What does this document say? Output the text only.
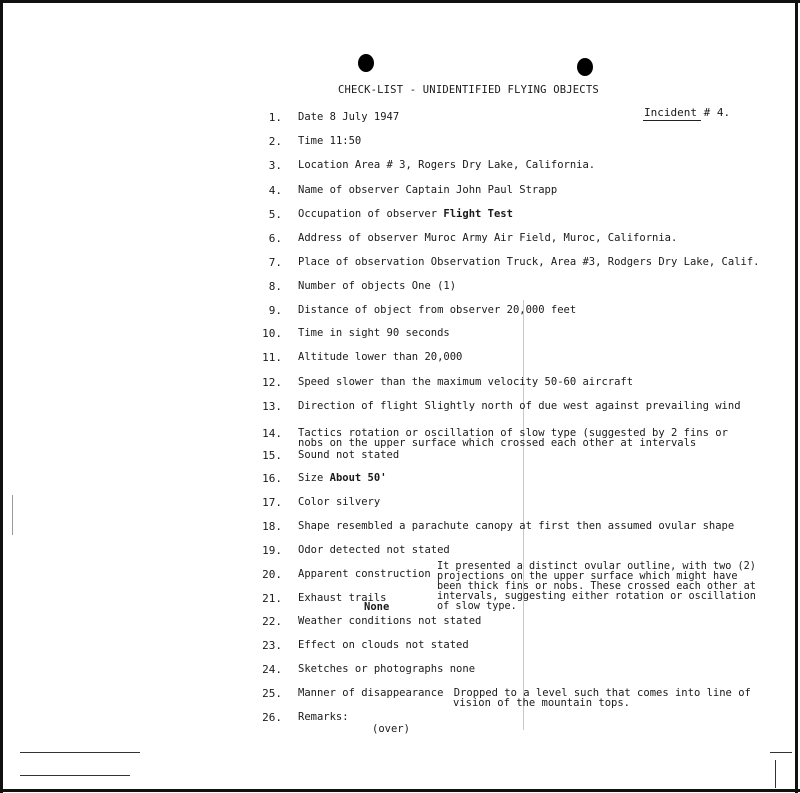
CHECK-LIST - UNIDENTIFIED FLYING OBJECTS
Incident # 4.
1. Date 8 July 1947
2. Time 11:50
3. Location Area # 3, Rogers Dry Lake, California.
4. Name of observer Captain John Paul Strapp
5. Occupation of observer Flight Test
6. Address of observer Muroc Army Air Field, Muroc, California.
7. Place of observation Observation Truck, Area #3, Rodgers Dry Lake, Calif.
8. Number of objects One (1)
9. Distance of object from observer 20,000 feet
10. Time in sight 90 seconds
11. Altitude lower than 20,000
12. Speed slower than the maximum velocity 50-60 aircraft
13. Direction of flight Slightly north of due west against prevailing wind
14. Tactics rotation or oscillation of slow type (suggested by 2 fins or
nobs on the upper surface which crossed each other at intervals
15. Sound not stated
16. Size About 50'
17. Color silvery
18. Shape resembled a parachute canopy at first then assumed ovular shape
19. Odor detected not stated
20. Apparent construction
21. Exhaust trails
22. Weather conditions not stated
23. Effect on clouds not stated
24. Sketches or photographs none
25. Manner of disappearance Dropped to a level such that comes into line of
vision of the mountain tops.
26. Remarks:
It presented a distinct ovular outline, with two (2)
projections on the upper surface which might have
been thick fins or nobs. These crossed each other at
intervals, suggesting either rotation or oscillation
of slow type.
None
(over)
